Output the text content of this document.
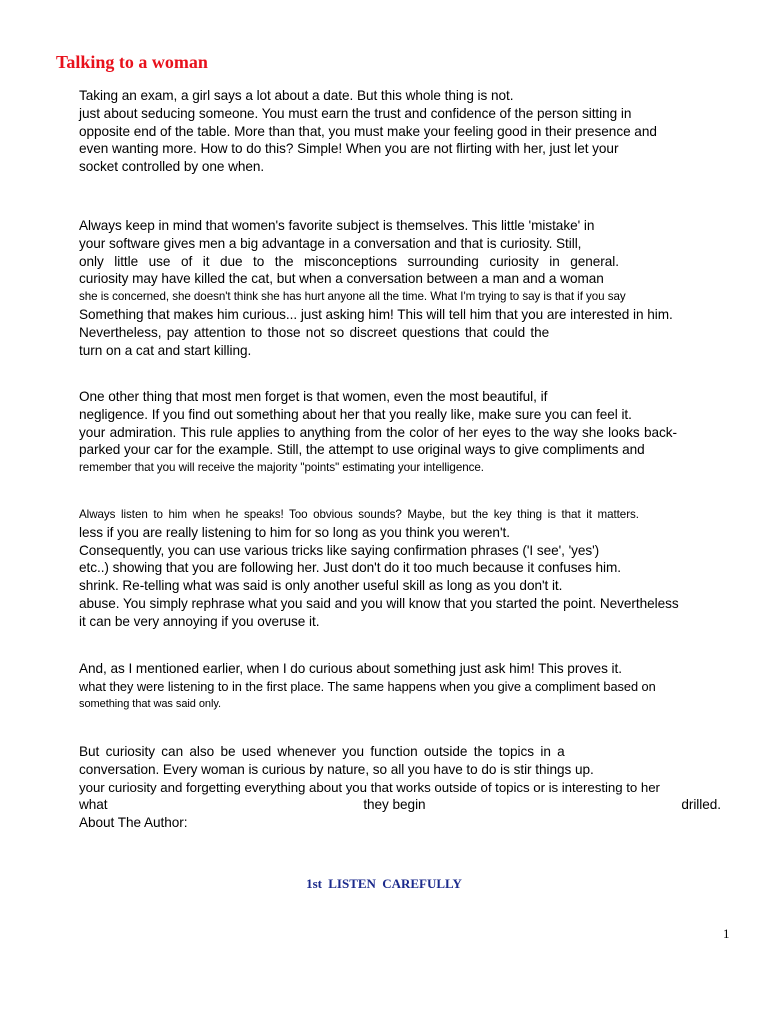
Talking to a woman
Taking an exam, a girl says a lot about a date. But this whole thing is not.
just about seducing someone. You must earn the trust and confidence of the person sitting in
opposite end of the table. More than that, you must make your feeling good in their presence and
even wanting more. How to do this? Simple! When you are not flirting with her, just let your
socket controlled by one when.
Always keep in mind that women's favorite subject is themselves. This little 'mistake' in
your software gives men a big advantage in a conversation and that is curiosity. Still,
only little use of it due to the misconceptions surrounding curiosity in general.
curiosity may have killed the cat, but when a conversation between a man and a woman
she is concerned, she doesn't think she has hurt anyone all the time. What I'm trying to say is that if you say
Something that makes him curious... just asking him! This will tell him that you are interested in him.
Nevertheless, pay attention to those not so discreet questions that could the
turn on a cat and start killing.
One other thing that most men forget is that women, even the most beautiful, if
negligence. If you find out something about her that you really like, make sure you can feel it.
your admiration. This rule applies to anything from the color of her eyes to the way she looks back-
parked your car for the example. Still, the attempt to use original ways to give compliments and
remember that you will receive the majority "points" estimating your intelligence.
Always listen to him when he speaks! Too obvious sounds? Maybe, but the key thing is that it matters.
less if you are really listening to him for so long as you think you weren't.
Consequently, you can use various tricks like saying confirmation phrases ('I see', 'yes')
etc..) showing that you are following her. Just don't do it too much because it confuses him.
shrink. Re-telling what was said is only another useful skill as long as you don't it.
abuse. You simply rephrase what you said and you will know that you started the point. Nevertheless
it can be very annoying if you overuse it.
And, as I mentioned earlier, when I do curious about something just ask him! This proves it.
what they were listening to in the first place. The same happens when you give a compliment based on
something that was said only.
But curiosity can also be used whenever you function outside the topics in a
conversation. Every woman is curious by nature, so all you have to do is stir things up.
your curiosity and forgetting everything about you that works outside of topics or is interesting to her
what	they begin	drilled.
About The Author:
1st LISTEN CAREFULLY
1
